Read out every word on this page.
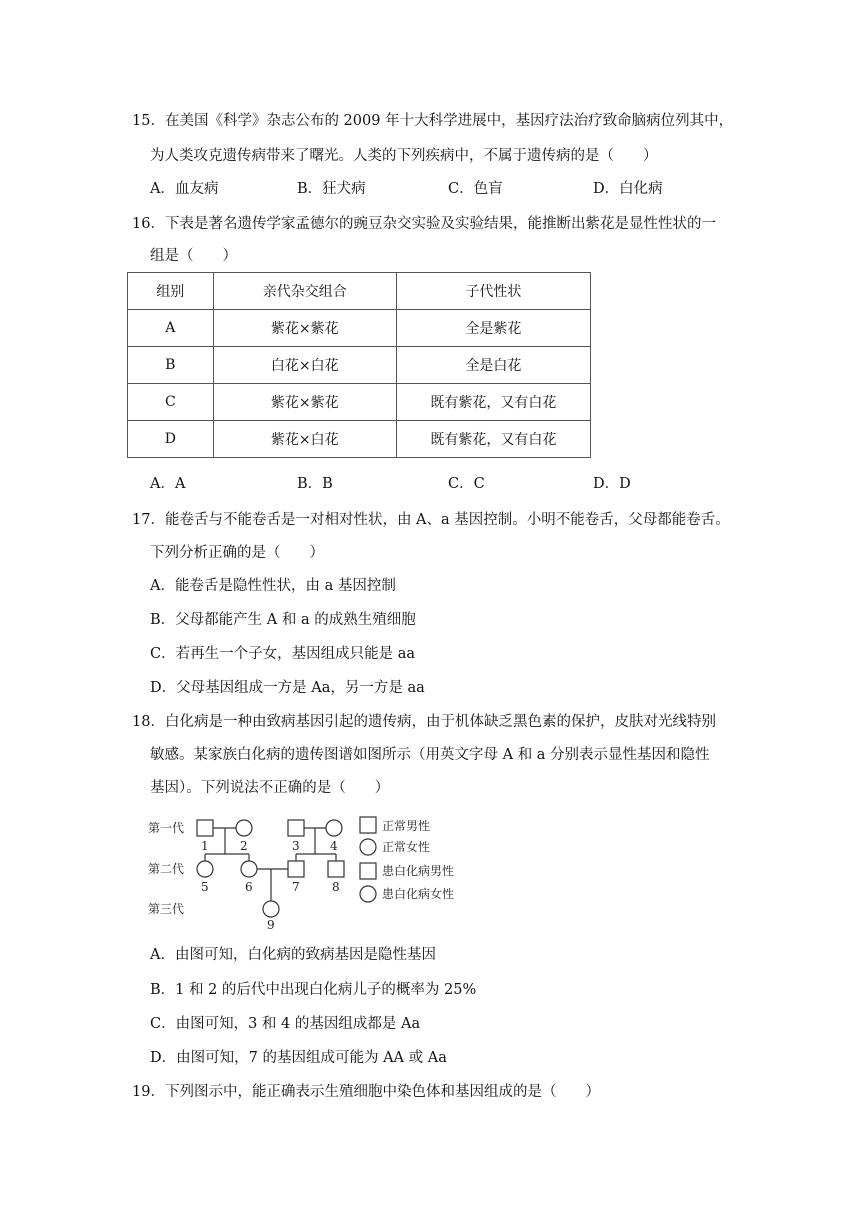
15．在美国《科学》杂志公布的 2009 年十大科学进展中，基因疗法治疗致命脑病位列其中，
为人类攻克遗传病带来了曙光。人类的下列疾病中，不属于遗传病的是（　　）
A．血友病	B．狂犬病	C．色盲	D．白化病
16．下表是著名遗传学家孟德尔的豌豆杂交实验及实验结果，能推断出紫花是显性性状的一
组是（　　）
组别	亲代杂交组合	子代性状
A	紫花×紫花	全是紫花
B	白花×白花	全是白花
C	紫花×紫花	既有紫花，又有白花
D	紫花×白花	既有紫花，又有白花
A．A	B．B	C．C	D．D
17．能卷舌与不能卷舌是一对相对性状，由 A、a 基因控制。小明不能卷舌，父母都能卷舌。
下列分析正确的是（　　）
A．能卷舌是隐性性状，由 a 基因控制
B．父母都能产生 A 和 a 的成熟生殖细胞
C．若再生一个子女，基因组成只能是 aa
D．父母基因组成一方是 Aa，另一方是 aa
18．白化病是一种由致病基因引起的遗传病，由于机体缺乏黑色素的保护，皮肤对光线特别
敏感。某家族白化病的遗传图谱如图所示（用英文字母 A 和 a 分别表示显性基因和隐性
基因）。下列说法不正确的是（　　）
第一代
第二代
第三代
1	2	3	4
5	6	7	8
9
正常男性
正常女性
患白化病男性
患白化病女性
A．由图可知，白化病的致病基因是隐性基因
B．1 和 2 的后代中出现白化病儿子的概率为 25%
C．由图可知，3 和 4 的基因组成都是 Aa
D．由图可知，7 的基因组成可能为 AA 或 Aa
19．下列图示中，能正确表示生殖细胞中染色体和基因组成的是（　　）
